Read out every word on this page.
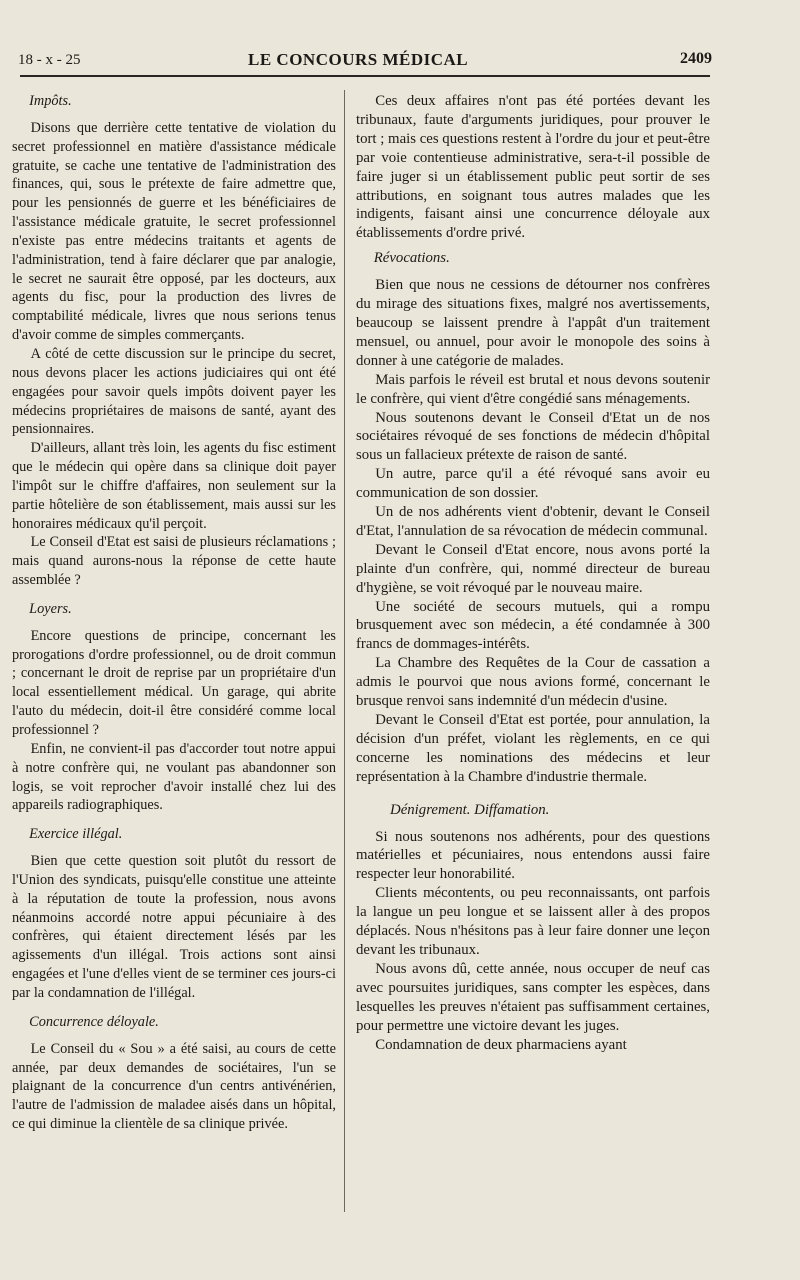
18 - x - 25	LE CONCOURS MÉDICAL	2409
Impôts.

Disons que derrière cette tentative de violation du secret professionnel en matière d'assistance médicale gratuite, se cache une tentative de l'administration des finances, qui, sous le prétexte de faire admettre que, pour les pensionnés de guerre et les bénéficiaires de l'assistance médicale gratuite, le secret professionnel n'existe pas entre médecins traitants et agents de l'administration, tend à faire déclarer que par analogie, le secret ne saurait être opposé, par les docteurs, aux agents du fisc, pour la production des livres de comptabilité médicale, livres que nous serions tenus d'avoir comme de simples commerçants.

A côté de cette discussion sur le principe du secret, nous devons placer les actions judiciaires qui ont été engagées pour savoir quels impôts doivent payer les médecins propriétaires de maisons de santé, ayant des pensionnaires.

D'ailleurs, allant très loin, les agents du fisc estiment que le médecin qui opère dans sa clinique doit payer l'impôt sur le chiffre d'affaires, non seulement sur la partie hôtelière de son établissement, mais aussi sur les honoraires médicaux qu'il perçoit.

Le Conseil d'Etat est saisi de plusieurs réclamations ; mais quand aurons-nous la réponse de cette haute assemblée ?

Loyers.

Encore questions de principe, concernant les prorogations d'ordre professionnel, ou de droit commun ; concernant le droit de reprise par un propriétaire d'un local essentiellement médical. Un garage, qui abrite l'auto du médecin, doit-il être considéré comme local professionnel ?

Enfin, ne convient-il pas d'accorder tout notre appui à notre confrère qui, ne voulant pas abandonner son logis, se voit reprocher d'avoir installé chez lui des appareils radiographiques.

Exercice illégal.

Bien que cette question soit plutôt du ressort de l'Union des syndicats, puisqu'elle constitue une atteinte à la réputation de toute la profession, nous avons néanmoins accordé notre appui pécuniaire à des confrères, qui étaient directement lésés par les agissements d'un illégal. Trois actions sont ainsi engagées et l'une d'elles vient de se terminer ces jours-ci par la condamnation de l'illégal.

Concurrence déloyale.

Le Conseil du « Sou » a été saisi, au cours de cette année, par deux demandes de sociétaires, l'un se plaignant de la concurrence d'un centrs antivénérien, l'autre de l'admission de maladee aisés dans un hôpital, ce qui diminue la clientèle de sa clinique privée.

Ces deux affaires n'ont pas été portées devant les tribunaux, faute d'arguments juridiques, pour prouver le tort ; mais ces questions restent à l'ordre du jour et peut-être par voie contentieuse administrative, sera-t-il possible de faire juger si un établissement public peut sortir de ses attributions, en soignant tous autres malades que les indigents, faisant ainsi une concurrence déloyale aux établissements d'ordre privé.

Révocations.

Bien que nous ne cessions de détourner nos confrères du mirage des situations fixes, malgré nos avertissements, beaucoup se laissent prendre à l'appât d'un traitement mensuel, ou annuel, pour avoir le monopole des soins à donner à une catégorie de malades.

Mais parfois le réveil est brutal et nous devons soutenir le confrère, qui vient d'être congédié sans ménagements.

Nous soutenons devant le Conseil d'Etat un de nos sociétaires révoqué de ses fonctions de médecin d'hôpital sous un fallacieux prétexte de raison de santé.

Un autre, parce qu'il a été révoqué sans avoir eu communication de son dossier.

Un de nos adhérents vient d'obtenir, devant le Conseil d'Etat, l'annulation de sa révocation de médecin communal.

Devant le Conseil d'Etat encore, nous avons porté la plainte d'un confrère, qui, nommé directeur de bureau d'hygiène, se voit révoqué par le nouveau maire.

Une société de secours mutuels, qui a rompu brusquement avec son médecin, a été condamnée à 300 francs de dommages-intérêts.

La Chambre des Requêtes de la Cour de cassation a admis le pourvoi que nous avions formé, concernant le brusque renvoi sans indemnité d'un médecin d'usine.

Devant le Conseil d'Etat est portée, pour annulation, la décision d'un préfet, violant les règlements, en ce qui concerne les nominations des médecins et leur représentation à la Chambre d'industrie thermale.

Dénigrement. Diffamation.

Si nous soutenons nos adhérents, pour des questions matérielles et pécuniaires, nous entendons aussi faire respecter leur honorabilité.

Clients mécontents, ou peu reconnaissants, ont parfois la langue un peu longue et se laissent aller à des propos déplacés. Nous n'hésitons pas à leur faire donner une leçon devant les tribunaux.

Nous avons dû, cette année, nous occuper de neuf cas avec poursuites juridiques, sans compter les espèces, dans lesquelles les preuves n'étaient pas suffisamment certaines, pour permettre une victoire devant les juges.

Condamnation de deux pharmaciens ayant
